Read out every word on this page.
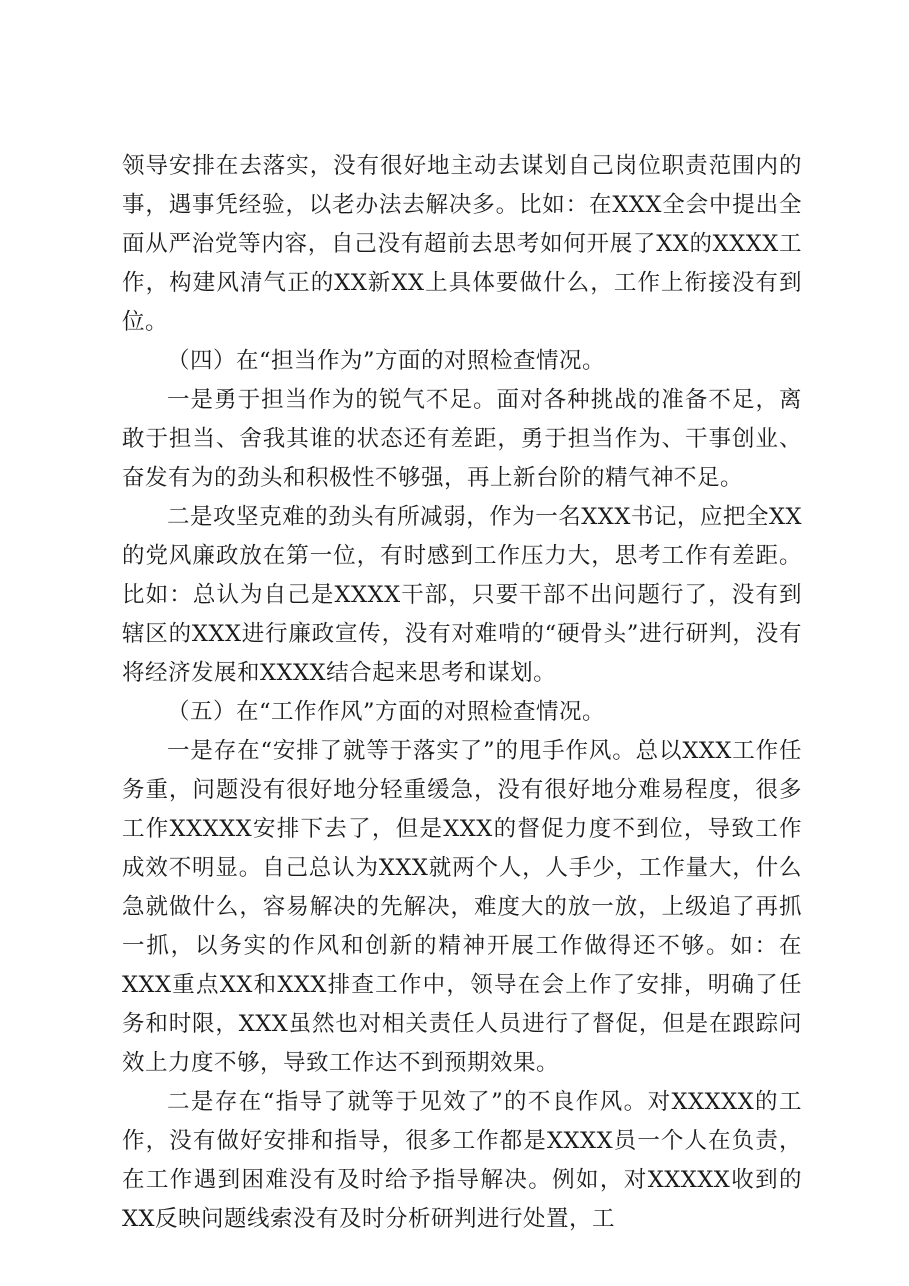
领导安排在去落实，没有很好地主动去谋划自己岗位职责范围内的事，遇事凭经验，以老办法去解决多。比如：在XXX全会中提出全面从严治党等内容，自己没有超前去思考如何开展了XX的XXXX工作，构建风清气正的XX新XX上具体要做什么，工作上衔接没有到位。

（四）在“担当作为”方面的对照检查情况。

一是勇于担当作为的锐气不足。面对各种挑战的准备不足，离敢于担当、舍我其谁的状态还有差距，勇于担当作为、干事创业、奋发有为的劲头和积极性不够强，再上新台阶的精气神不足。

二是攻坚克难的劲头有所减弱，作为一名XXX书记，应把全XX的党风廉政放在第一位，有时感到工作压力大，思考工作有差距。比如：总认为自己是XXXX干部，只要干部不出问题行了，没有到辖区的XXX进行廉政宣传，没有对难啃的“硬骨头”进行研判，没有将经济发展和XXXX结合起来思考和谋划。

（五）在“工作作风”方面的对照检查情况。

一是存在“安排了就等于落实了”的甩手作风。总以XXX工作任务重，问题没有很好地分轻重缓急，没有很好地分难易程度，很多工作XXXXX安排下去了，但是XXX的督促力度不到位，导致工作成效不明显。自己总认为XXX就两个人，人手少，工作量大，什么急就做什么，容易解决的先解决，难度大的放一放，上级追了再抓一抓，以务实的作风和创新的精神开展工作做得还不够。如：在XXX重点XX和XXX排查工作中，领导在会上作了安排，明确了任务和时限，XXX虽然也对相关责任人员进行了督促，但是在跟踪问效上力度不够，导致工作达不到预期效果。

二是存在“指导了就等于见效了”的不良作风。对XXXXX的工作，没有做好安排和指导，很多工作都是XXXX员一个人在负责，在工作遇到困难没有及时给予指导解决。例如，对XXXXX收到的XX反映问题线索没有及时分析研判进行处置，工
